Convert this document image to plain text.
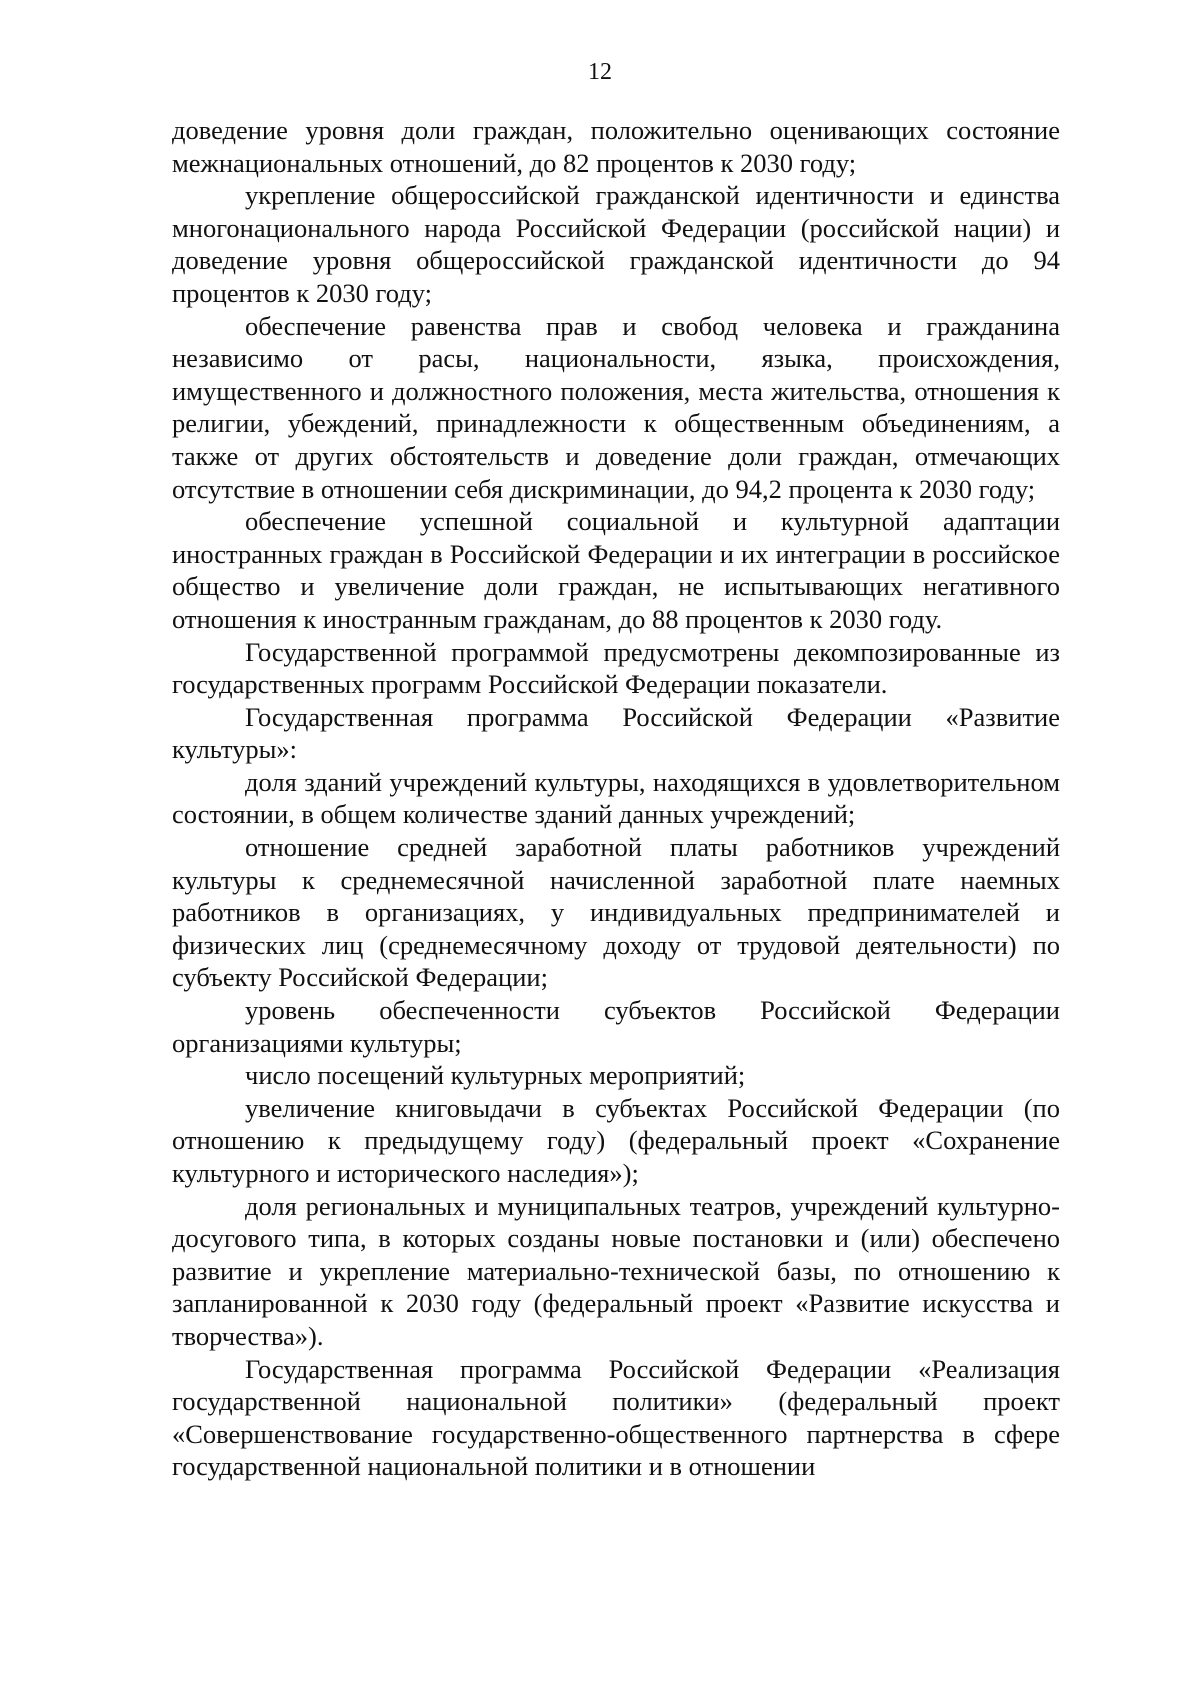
12

доведение уровня доли граждан, положительно оценивающих состояние межнациональных отношений, до 82 процентов к 2030 году;

укрепление общероссийской гражданской идентичности и единства многонационального народа Российской Федерации (российской нации) и доведение уровня общероссийской гражданской идентичности до 94 процентов к 2030 году;

обеспечение равенства прав и свобод человека и гражданина независимо от расы, национальности, языка, происхождения, имущественного и должностного положения, места жительства, отношения к религии, убеждений, принадлежности к общественным объединениям, а также от других обстоятельств и доведение доли граждан, отмечающих отсутствие в отношении себя дискриминации, до 94,2 процента к 2030 году;

обеспечение успешной социальной и культурной адаптации иностранных граждан в Российской Федерации и их интеграции в российское общество и увеличение доли граждан, не испытывающих негативного отношения к иностранным гражданам, до 88 процентов к 2030 году.

Государственной программой предусмотрены декомпозированные из государственных программ Российской Федерации показатели.

Государственная программа Российской Федерации «Развитие культуры»:

доля зданий учреждений культуры, находящихся в удовлетворительном состоянии, в общем количестве зданий данных учреждений;

отношение средней заработной платы работников учреждений культуры к среднемесячной начисленной заработной плате наемных работников в организациях, у индивидуальных предпринимателей и физических лиц (среднемесячному доходу от трудовой деятельности) по субъекту Российской Федерации;

уровень обеспеченности субъектов Российской Федерации организациями культуры;

число посещений культурных мероприятий;

увеличение книговыдачи в субъектах Российской Федерации (по отношению к предыдущему году) (федеральный проект «Сохранение культурного и исторического наследия»);

доля региональных и муниципальных театров, учреждений культурно-досугового типа, в которых созданы новые постановки и (или) обеспечено развитие и укрепление материально-технической базы, по отношению к запланированной к 2030 году (федеральный проект «Развитие искусства и творчества»).

Государственная программа Российской Федерации «Реализация государственной национальной политики» (федеральный проект «Совершенствование государственно-общественного партнерства в сфере государственной национальной политики и в отношении
